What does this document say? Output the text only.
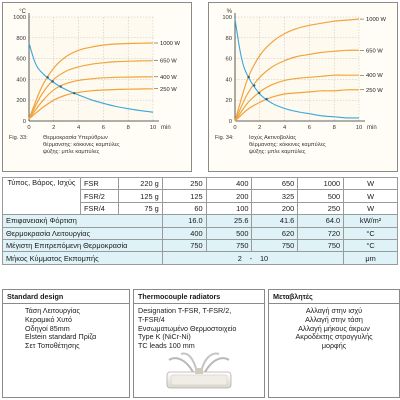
0
200
400
600
800
1000
0	2	4	6	8	10
°C
min
1000 W
650 W
400 W
250 W
Fig. 33:	Θερμοκρασία Υπερύθρων
θέρμανσης: κόκκινες καμπύλες
ψύξης: μπλε καμπύλες
0
20
40
60
80
100
0	2	4	6	8	10
%
min
1000 W
650 W
400 W
250 W
Fig. 34:	Ισχύς Ακτινοβολίας
θέρμανσης: κόκκινες καμπύλες
ψύξης: μπλε καμπύλες
Τύπος, Βάρος, Ισχύς	FSR	220 g	250	400	650	1000	W
	FSR/2	125 g	125	200	325	500	W
	FSR/4	75 g	60	100	200	250	W
Επιφανειακή Φόρτιση			16.0	25.6	41.6	64.0	kW/m²
Θερμοκρασία Λειτουργίας			400	500	620	720	°C
Μέγιστη Επιτρεπόμενη Θερμοκρασία			750	750	750	750	°C
Μήκος Κύμματος Εκπομπής			2 - 10				μm
Standard design
Τάση Λειτουργίας
Κεραμικό Χυτό
Οδηγοί 85mm
Elstein standard Πρίζα
Σετ Τοποθέτησης
Thermocouple radiators
Designation T-FSR, T-FSR/2,
T-FSR/4
Ενσωματωμένο Θερμοστοιχείο
Type K (NiCr-Ni)
TC leads 100 mm
Μεταβλητές
Αλλαγή στην ισχύ
Αλλαγή στην τάση
Αλλαγή μήκους άκρων
Ακροδέκτης στρογγυλής
μορφής
